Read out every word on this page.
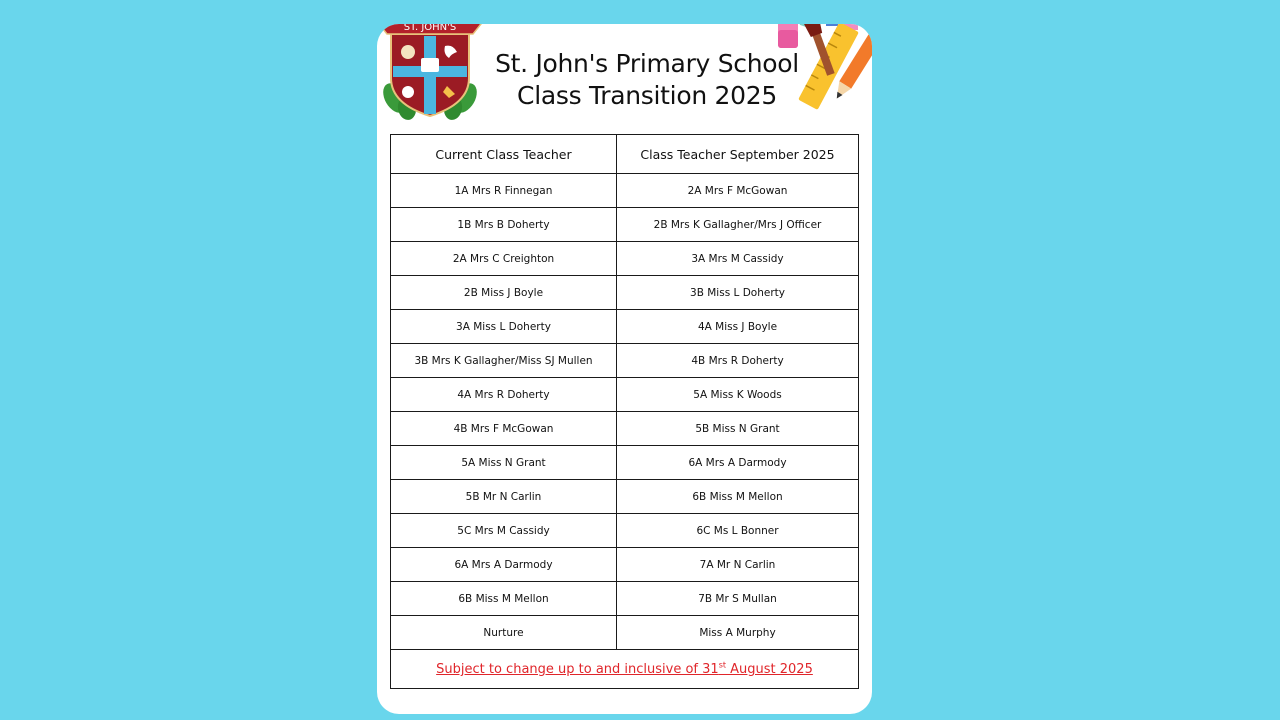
ST. JOHN'S
St. John's Primary School
Class Transition 2025
Current Class Teacher	Class Teacher September 2025
1A Mrs R Finnegan	2A Mrs F McGowan
1B Mrs B Doherty	2B Mrs K Gallagher/Mrs J Officer
2A Mrs C Creighton	3A Mrs M Cassidy
2B Miss J Boyle	3B Miss L Doherty
3A Miss L Doherty	4A Miss J Boyle
3B Mrs K Gallagher/Miss SJ Mullen	4B Mrs R Doherty
4A Mrs R Doherty	5A Miss K Woods
4B Mrs F McGowan	5B Miss N Grant
5A Miss N Grant	6A Mrs A Darmody
5B Mr N Carlin	6B Miss M Mellon
5C Mrs M Cassidy	6C Ms L Bonner
6A Mrs A Darmody	7A Mr N Carlin
6B Miss M Mellon	7B Mr S Mullan
Nurture	Miss A Murphy
Subject to change up to and inclusive of 31st August 2025	
